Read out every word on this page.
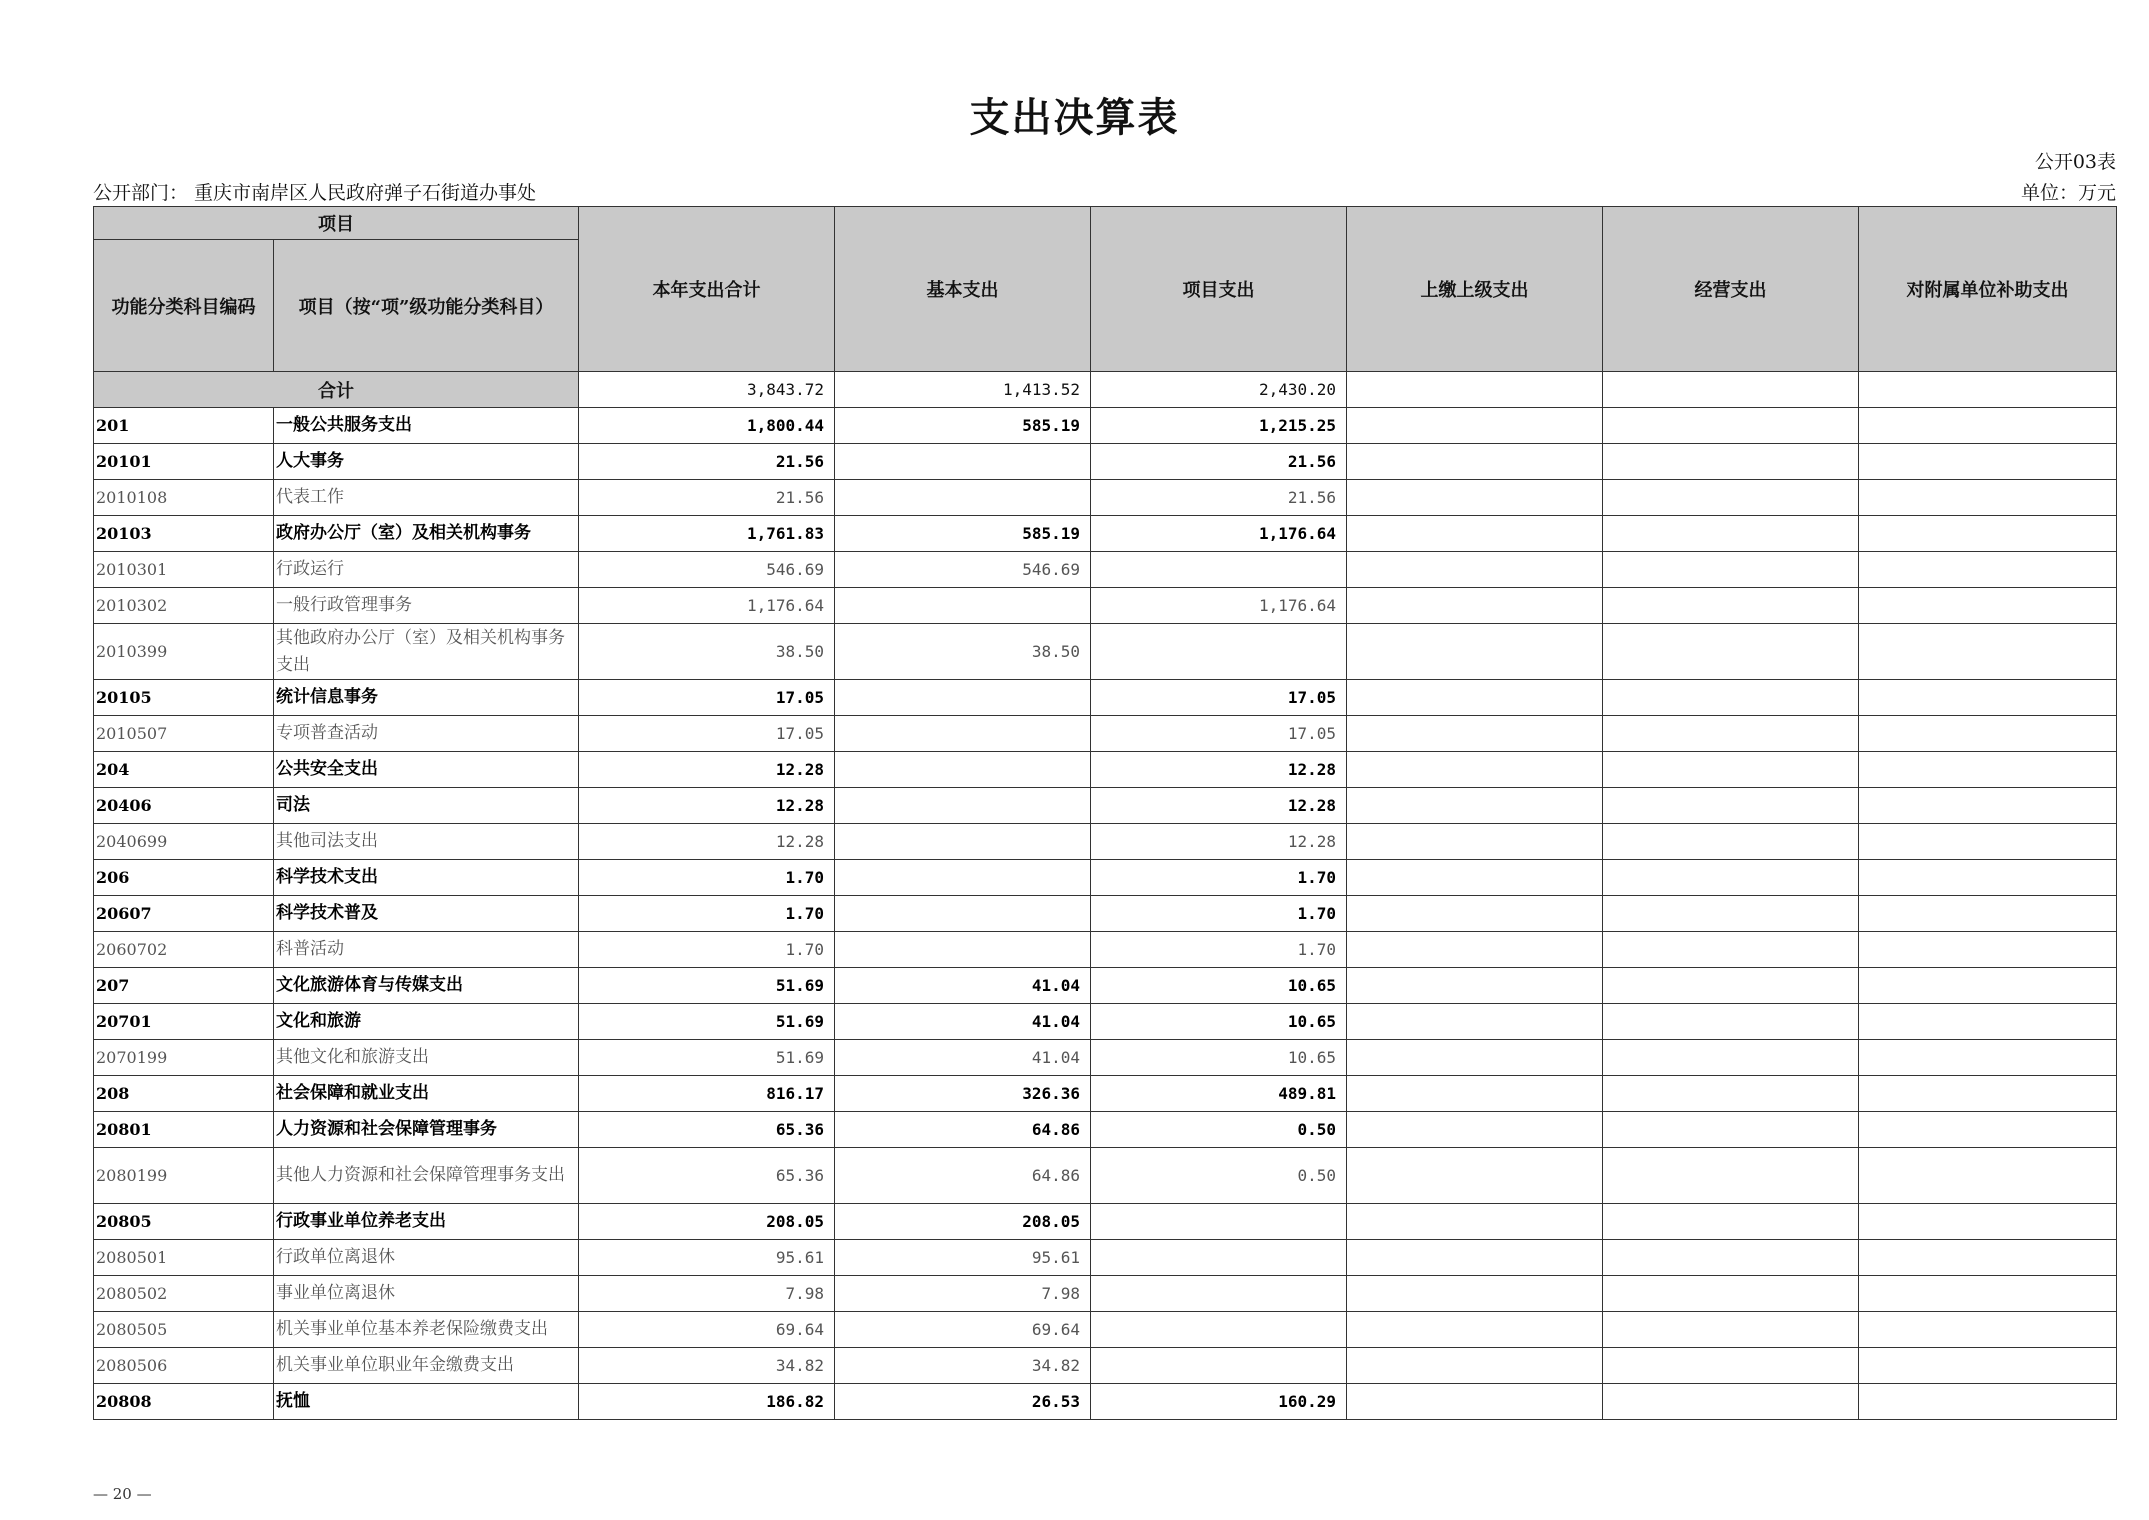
支出决算表
公开03表
公开部门： 重庆市南岸区人民政府弹子石街道办事处	单位：万元
项目		本年支出合计	基本支出	项目支出	上缴上级支出	经营支出	对附属单位补助支出
功能分类科目编码	项目（按“项”级功能分类科目）						
合计		3,843.72	1,413.52	2,430.20			
201	一般公共服务支出	1,800.44	585.19	1,215.25			
20101	人大事务	21.56		21.56			
2010108	代表工作	21.56		21.56			
20103	政府办公厅（室）及相关机构事务	1,761.83	585.19	1,176.64			
2010301	行政运行	546.69	546.69				
2010302	一般行政管理事务	1,176.64		1,176.64			
2010399	其他政府办公厅（室）及相关机构事务支出	38.50	38.50				
20105	统计信息事务	17.05		17.05			
2010507	专项普查活动	17.05		17.05			
204	公共安全支出	12.28		12.28			
20406	司法	12.28		12.28			
2040699	其他司法支出	12.28		12.28			
206	科学技术支出	1.70		1.70			
20607	科学技术普及	1.70		1.70			
2060702	科普活动	1.70		1.70			
207	文化旅游体育与传媒支出	51.69	41.04	10.65			
20701	文化和旅游	51.69	41.04	10.65			
2070199	其他文化和旅游支出	51.69	41.04	10.65			
208	社会保障和就业支出	816.17	326.36	489.81			
20801	人力资源和社会保障管理事务	65.36	64.86	0.50			
2080199	其他人力资源和社会保障管理事务支出	65.36	64.86	0.50			
20805	行政事业单位养老支出	208.05	208.05				
2080501	行政单位离退休	95.61	95.61				
2080502	事业单位离退休	7.98	7.98				
2080505	机关事业单位基本养老保险缴费支出	69.64	69.64				
2080506	机关事业单位职业年金缴费支出	34.82	34.82				
20808	抚恤	186.82	26.53	160.29			
— 20 —
